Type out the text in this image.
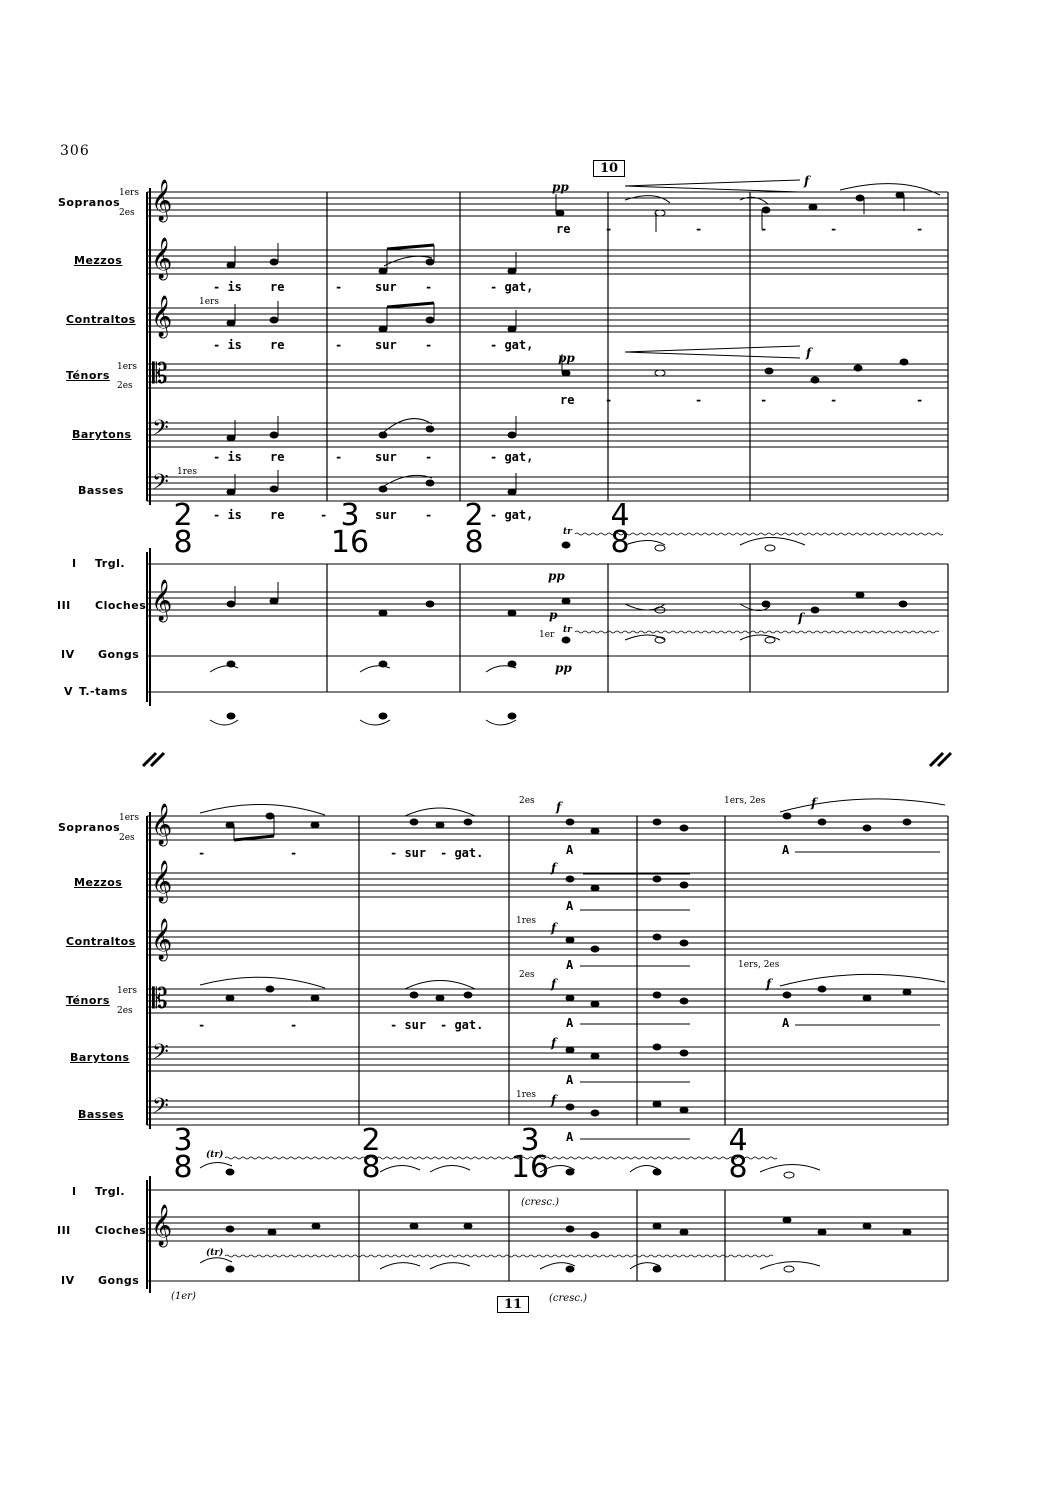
306
10
11
Sopranos
1ers
2es
Mezzos
Contraltos
Ténors
1ers
2es
Barytons
Basses
I Trgl.
III Cloches
IV Gongs
V T.-tams
Sopranos
1ers
2es
Mezzos
Contraltos
Ténors
1ers
2es
Barytons
Basses
I Trgl.
III Cloches
IV Gongs
𝄞
𝄞
𝄞
𝄡
𝄢
𝄢
𝄞
𝄞
𝄞
𝄞
𝄡
𝄢
𝄢
𝄞
2
8
3
16
2
8
4
8
3
8
2
8
3
16
4
8
re	-	-	-	-	-
- is re	-	sur -	- gat,
- is re	-	sur -	- gat,
re	-	-	-	-	-
- is re	-	sur -	- gat,
- is re	-	sur -	- gat,
1ers
1res
1er
pp
pp
pp
p
pp
f
f
f
tr
tr
-	-	- sur - gat.	A	A
A
A
-	-	- sur - gat.	A	A
A
A
2es
2es
1res
1res
1ers, 2es
1ers, 2es
f
f
f
f
f
f
f
f
(tr)
(tr)
(cresc.)
(cresc.)
(1er)
